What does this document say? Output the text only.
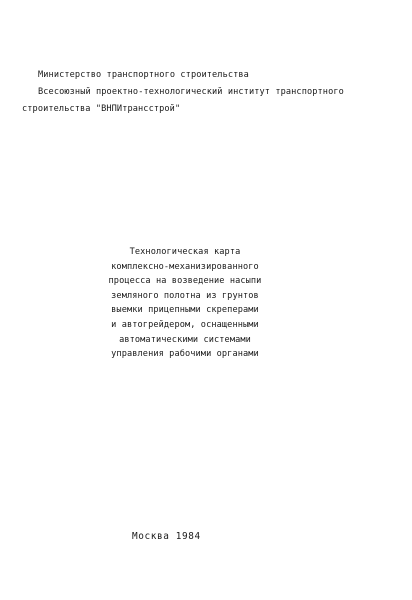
Министерство транспортного строительства
Всесоюзный проектно-технологический институт транспортного
строительства "ВНПИтрансстрой"
Технологическая карта
комплексно-механизированного
процесса на возведение насыпи
земляного полотна из грунтов
выемки прицепными скреперами
и автогрейдером, оснащенными
автоматическими системами
управления рабочими органами
Москва 1984
